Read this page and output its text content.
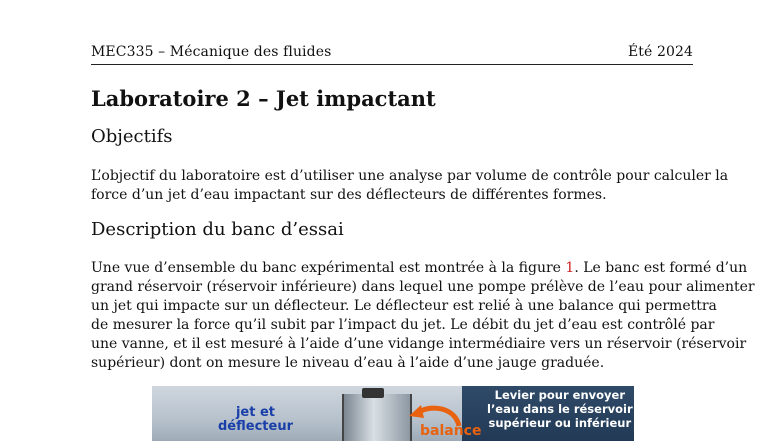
MEC335 – Mécanique des fluides	Été 2024
Laboratoire 2 – Jet impactant
Objectifs

L’objectif du laboratoire est d’utiliser une analyse par volume de contrôle pour calculer la
force d’un jet d’eau impactant sur des déflecteurs de différentes formes.

Description du banc d’essai

Une vue d’ensemble du banc expérimental est montrée à la figure 1. Le banc est formé d’un
grand réservoir (réservoir inférieure) dans lequel une pompe prélève de l’eau pour alimenter
un jet qui impacte sur un déflecteur. Le déflecteur est relié à une balance qui permettra
de mesurer la force qu’il subit par l’impact du jet. Le débit du jet d’eau est contrôlé par
une vanne, et il est mesuré à l’aide d’une vidange intermédiaire vers un réservoir (réservoir
supérieur) dont on mesure le niveau d’eau à l’aide d’une jauge graduée.

jet et
déflecteur	balance
Levier pour envoyer
l’eau dans le réservoir
supérieur ou inférieur
